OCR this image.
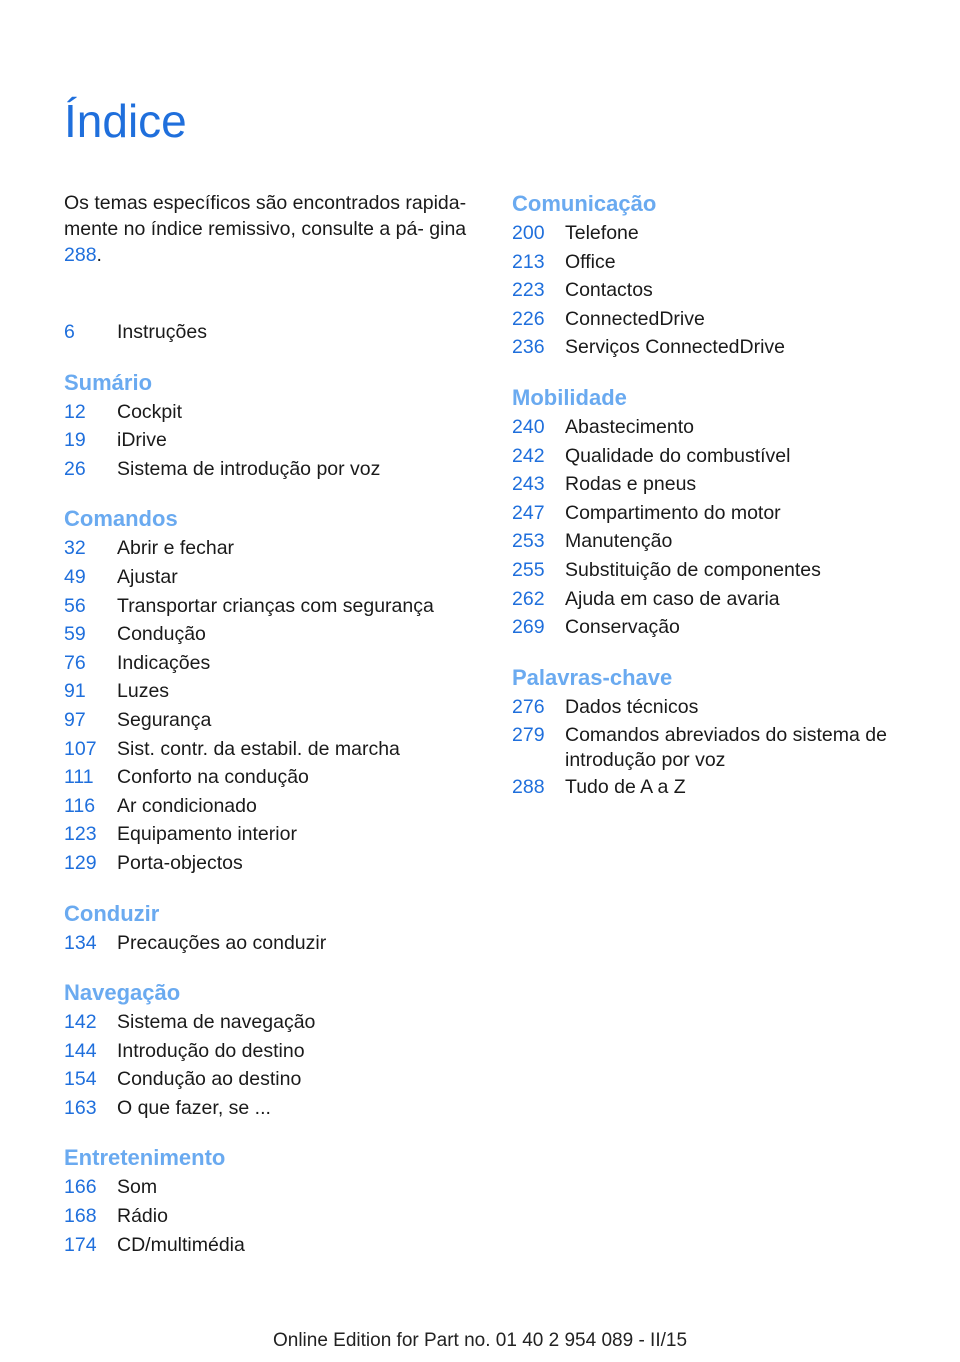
Índice

Os temas específicos são encontrados rapida- mente no índice remissivo, consulte a pá- gina 288.

6	Instruções
Sumário
12	Cockpit
19	iDrive
26	Sistema de introdução por voz
Comandos
32	Abrir e fechar
49	Ajustar
56	Transportar crianças com segurança
59	Condução
76	Indicações
91	Luzes
97	Segurança
107	Sist. contr. da estabil. de marcha
111	Conforto na condução
116	Ar condicionado
123	Equipamento interior
129	Porta-objectos
Conduzir
134	Precauções ao conduzir
Navegação
142	Sistema de navegação
144	Introdução do destino
154	Condução ao destino
163	O que fazer, se ...
Entretenimento
166	Som
168	Rádio
174	CD/multimédia
Comunicação
200	Telefone
213	Office
223	Contactos
226	ConnectedDrive
236	Serviços ConnectedDrive
Mobilidade
240	Abastecimento
242	Qualidade do combustível
243	Rodas e pneus
247	Compartimento do motor
253	Manutenção
255	Substituição de componentes
262	Ajuda em caso de avaria
269	Conservação
Palavras-chave
276	Dados técnicos
279	Comandos abreviados do sistema de introdução por voz
288	Tudo de A a Z
Online Edition for Part no. 01 40 2 954 089 - II/15
